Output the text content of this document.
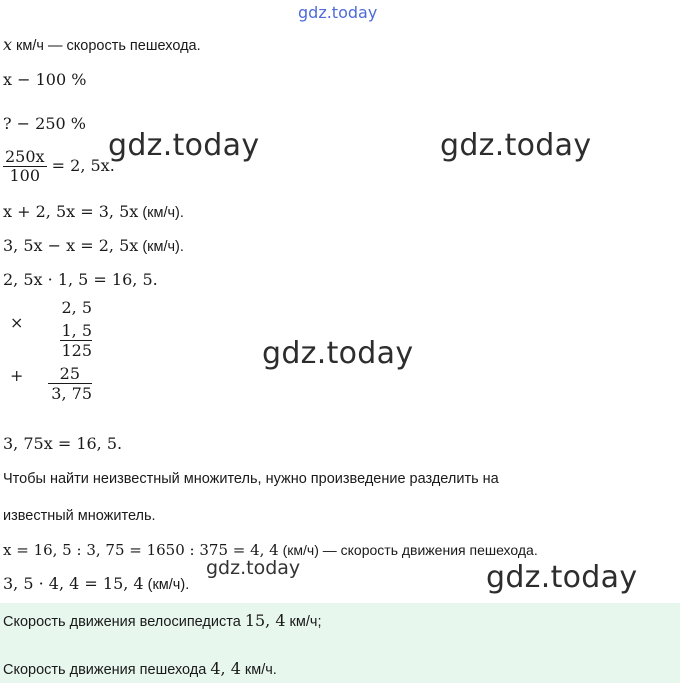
gdz.today
x км/ч — скорость пешехода.
x − 100 %
? − 250 %
$\frac{250x}{100} = 2$, 5x.
gdz.today	gdz.today
x + 2, 5x = 3, 5x (км/ч).
3, 5x − x = 2, 5x (км/ч).
2, 5x · 1, 5 = 16, 5.
×
+
2, 5
1, 5
125
25
3, 75
gdz.today
3, 75x = 16, 5.
Чтобы найти неизвестный множитель, нужно произведение разделить на
известный множитель.
x = 16, 5 : 3, 75 = 1650 : 375 = 4, 4 (км/ч) — скорость движения пешехода.
3, 5 · 4, 4 = 15, 4 (км/ч).
gdz.today	gdz.today
Скорость движения велосипедиста 15, 4 км/ч;
Скорость движения пешехода 4, 4 км/ч.
